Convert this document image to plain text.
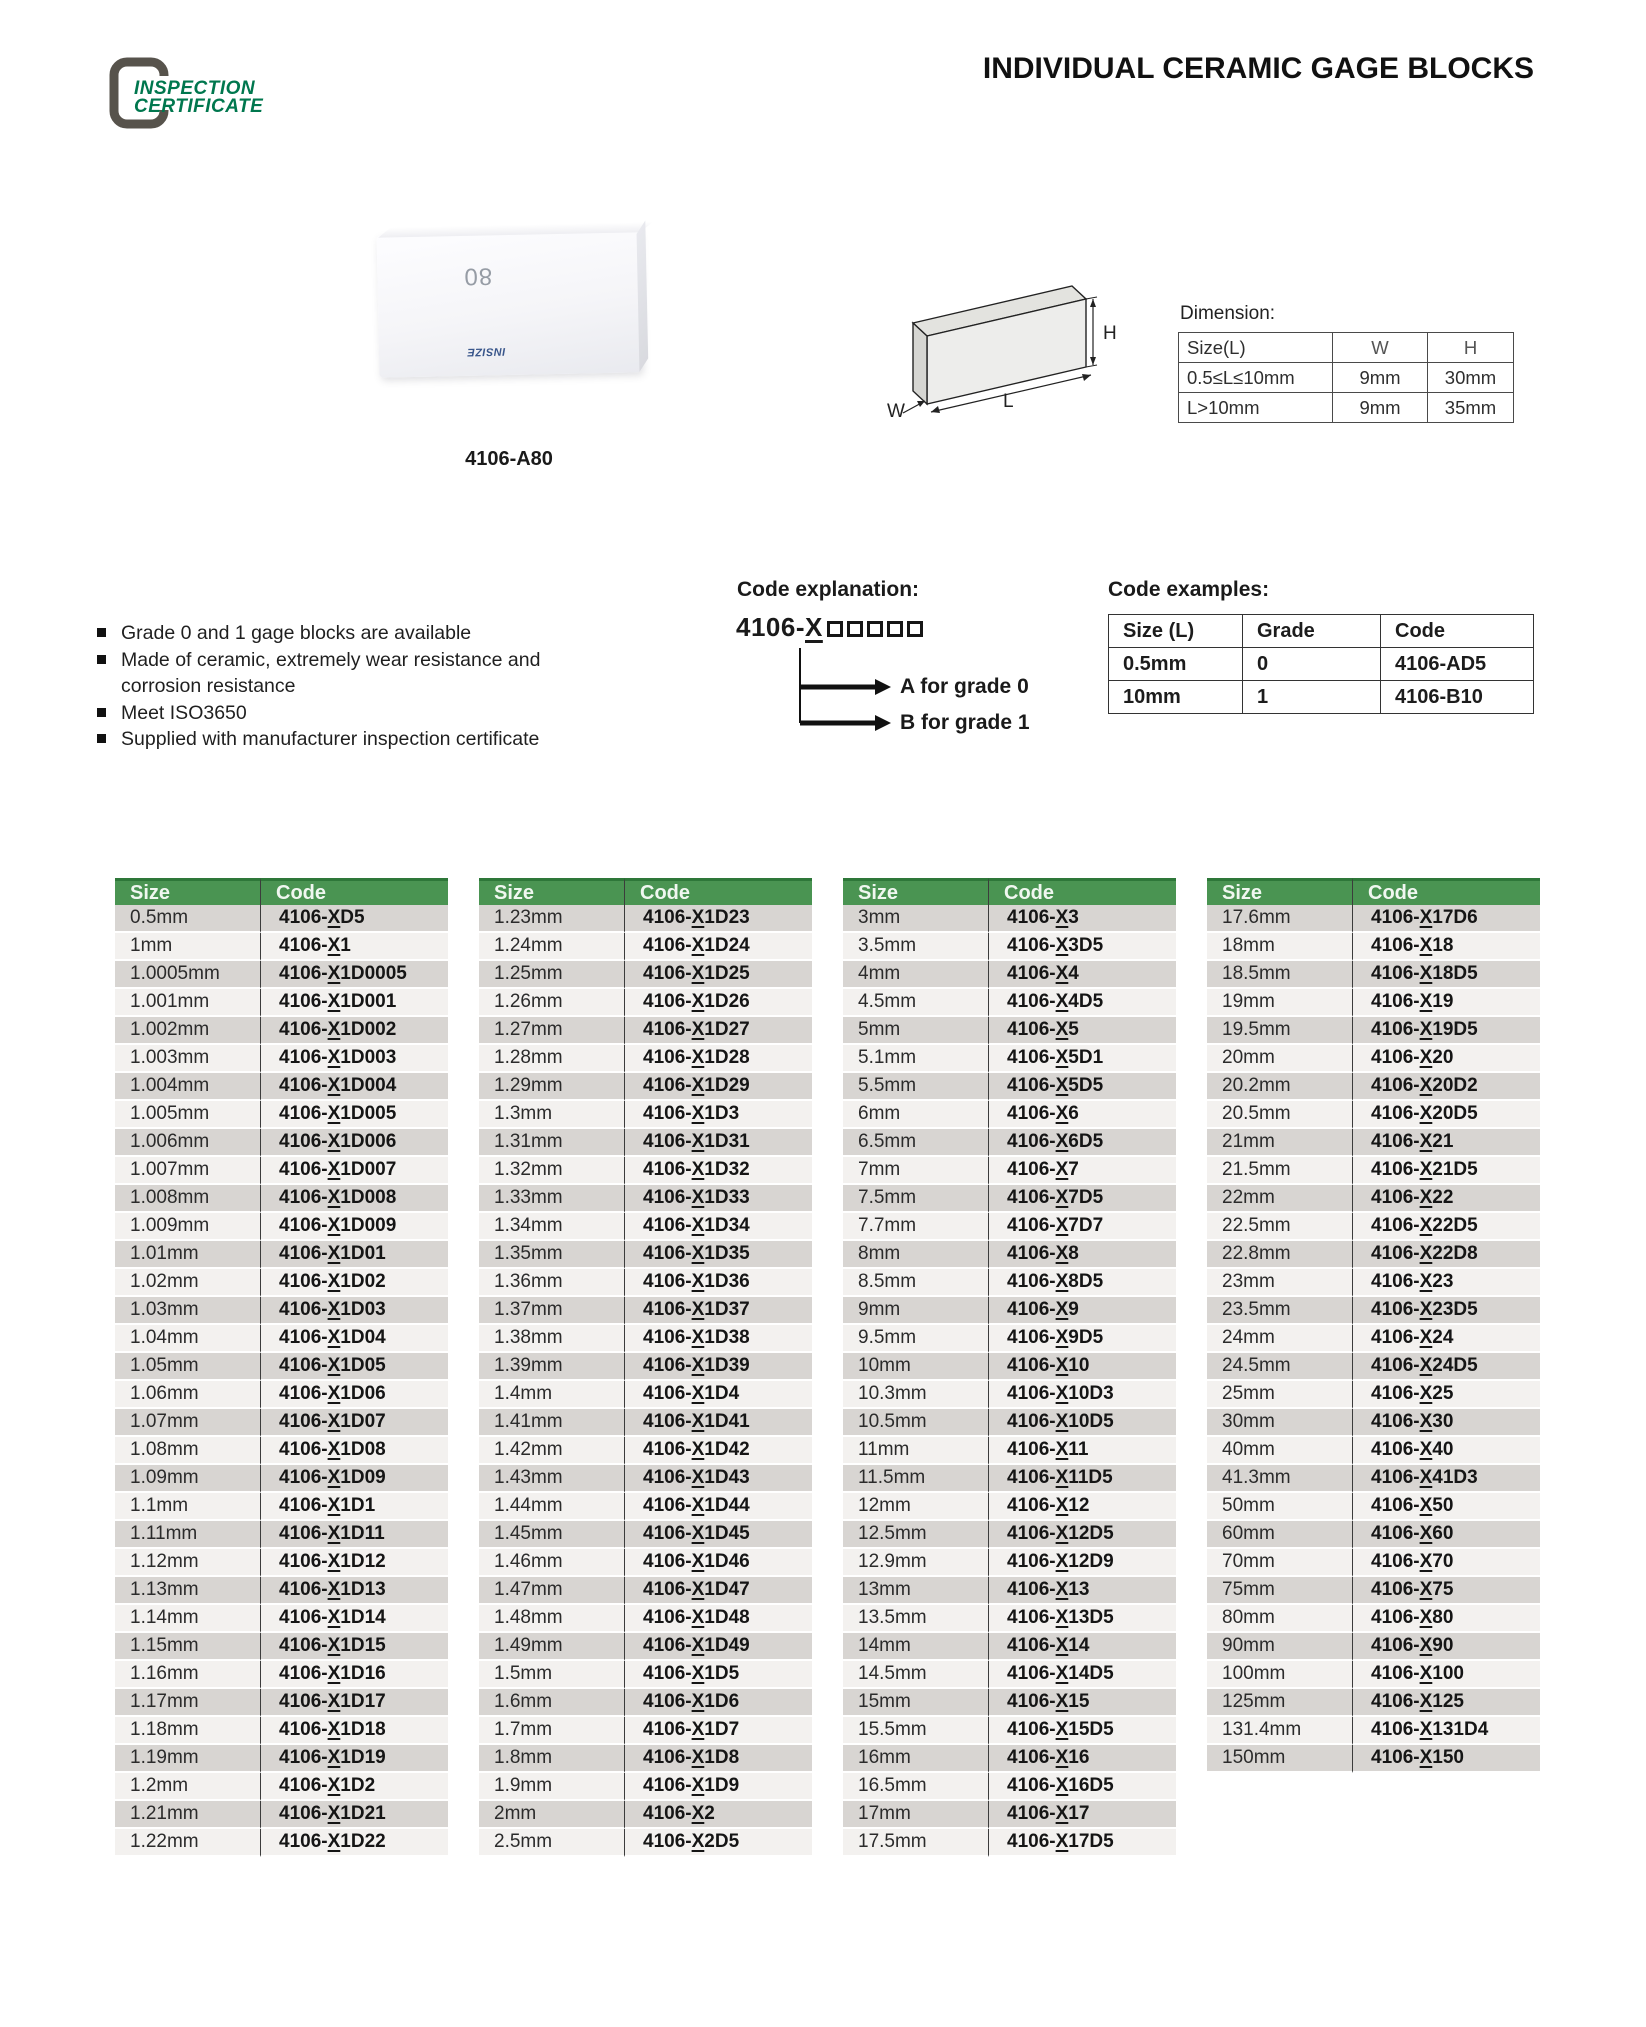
INSPECTION
CERTIFICATE
INDIVIDUAL CERAMIC GAGE BLOCKS
80
INSIZE
4106-A80
H
L
W
Dimension:
Size(L)	W	H
0.5≤L≤10mm	9mm	30mm
L>10mm	9mm	35mm
Grade 0 and 1 gage blocks are available
Made of ceramic, extremely wear resistance and corrosion resistance
Meet ISO3650
Supplied with manufacturer inspection certificate
Code explanation:
4106-X
A for grade 0
B for grade 1
Code examples:
Size (L)	Grade	Code
0.5mm	0	4106-AD5
10mm	1	4106-B10
Size	Code
0.5mm	4106-XD5
1mm	4106-X1
1.0005mm	4106-X1D0005
1.001mm	4106-X1D001
1.002mm	4106-X1D002
1.003mm	4106-X1D003
1.004mm	4106-X1D004
1.005mm	4106-X1D005
1.006mm	4106-X1D006
1.007mm	4106-X1D007
1.008mm	4106-X1D008
1.009mm	4106-X1D009
1.01mm	4106-X1D01
1.02mm	4106-X1D02
1.03mm	4106-X1D03
1.04mm	4106-X1D04
1.05mm	4106-X1D05
1.06mm	4106-X1D06
1.07mm	4106-X1D07
1.08mm	4106-X1D08
1.09mm	4106-X1D09
1.1mm	4106-X1D1
1.11mm	4106-X1D11
1.12mm	4106-X1D12
1.13mm	4106-X1D13
1.14mm	4106-X1D14
1.15mm	4106-X1D15
1.16mm	4106-X1D16
1.17mm	4106-X1D17
1.18mm	4106-X1D18
1.19mm	4106-X1D19
1.2mm	4106-X1D2
1.21mm	4106-X1D21
1.22mm	4106-X1D22
Size	Code
1.23mm	4106-X1D23
1.24mm	4106-X1D24
1.25mm	4106-X1D25
1.26mm	4106-X1D26
1.27mm	4106-X1D27
1.28mm	4106-X1D28
1.29mm	4106-X1D29
1.3mm	4106-X1D3
1.31mm	4106-X1D31
1.32mm	4106-X1D32
1.33mm	4106-X1D33
1.34mm	4106-X1D34
1.35mm	4106-X1D35
1.36mm	4106-X1D36
1.37mm	4106-X1D37
1.38mm	4106-X1D38
1.39mm	4106-X1D39
1.4mm	4106-X1D4
1.41mm	4106-X1D41
1.42mm	4106-X1D42
1.43mm	4106-X1D43
1.44mm	4106-X1D44
1.45mm	4106-X1D45
1.46mm	4106-X1D46
1.47mm	4106-X1D47
1.48mm	4106-X1D48
1.49mm	4106-X1D49
1.5mm	4106-X1D5
1.6mm	4106-X1D6
1.7mm	4106-X1D7
1.8mm	4106-X1D8
1.9mm	4106-X1D9
2mm	4106-X2
2.5mm	4106-X2D5
Size	Code
3mm	4106-X3
3.5mm	4106-X3D5
4mm	4106-X4
4.5mm	4106-X4D5
5mm	4106-X5
5.1mm	4106-X5D1
5.5mm	4106-X5D5
6mm	4106-X6
6.5mm	4106-X6D5
7mm	4106-X7
7.5mm	4106-X7D5
7.7mm	4106-X7D7
8mm	4106-X8
8.5mm	4106-X8D5
9mm	4106-X9
9.5mm	4106-X9D5
10mm	4106-X10
10.3mm	4106-X10D3
10.5mm	4106-X10D5
11mm	4106-X11
11.5mm	4106-X11D5
12mm	4106-X12
12.5mm	4106-X12D5
12.9mm	4106-X12D9
13mm	4106-X13
13.5mm	4106-X13D5
14mm	4106-X14
14.5mm	4106-X14D5
15mm	4106-X15
15.5mm	4106-X15D5
16mm	4106-X16
16.5mm	4106-X16D5
17mm	4106-X17
17.5mm	4106-X17D5
Size	Code
17.6mm	4106-X17D6
18mm	4106-X18
18.5mm	4106-X18D5
19mm	4106-X19
19.5mm	4106-X19D5
20mm	4106-X20
20.2mm	4106-X20D2
20.5mm	4106-X20D5
21mm	4106-X21
21.5mm	4106-X21D5
22mm	4106-X22
22.5mm	4106-X22D5
22.8mm	4106-X22D8
23mm	4106-X23
23.5mm	4106-X23D5
24mm	4106-X24
24.5mm	4106-X24D5
25mm	4106-X25
30mm	4106-X30
40mm	4106-X40
41.3mm	4106-X41D3
50mm	4106-X50
60mm	4106-X60
70mm	4106-X70
75mm	4106-X75
80mm	4106-X80
90mm	4106-X90
100mm	4106-X100
125mm	4106-X125
131.4mm	4106-X131D4
150mm	4106-X150
